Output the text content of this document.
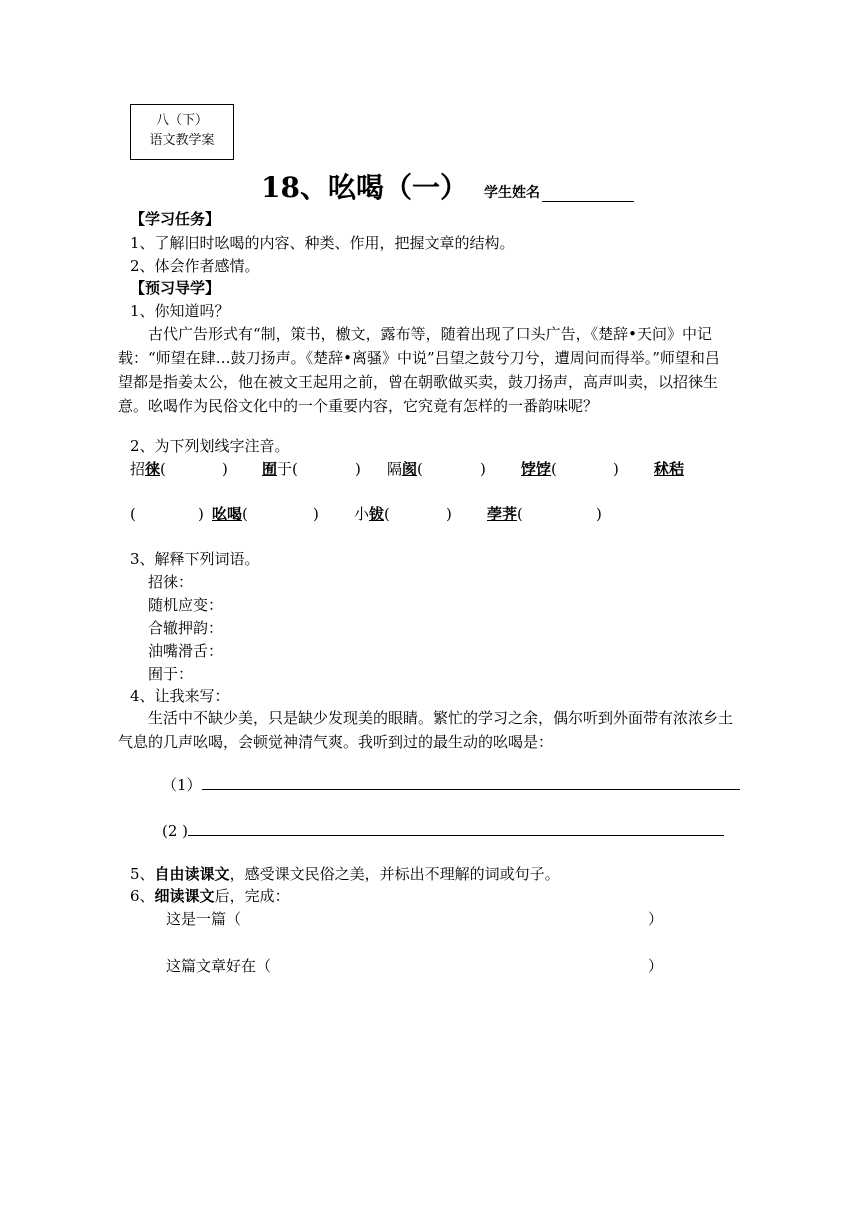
八（下）
语文教学案
18、吆喝（一） 学生姓名
【学习任务】
1、了解旧时吆喝的内容、种类、作用，把握文章的结构。
2、体会作者感情。
【预习导学】
1、你知道吗？
古代广告形式有“制，策书，檄文，露布等，随着出现了口头广告，《楚辞•天问》中记载：“师望在肆…鼓刀扬声。《楚辞•离骚》中说”吕望之鼓兮刀兮，遭周问而得举。”师望和吕望都是指姜太公，他在被文王起用之前，曾在朝歌做买卖，鼓刀扬声，高声叫卖，以招徕生意。吆喝作为民俗文化中的一个重要内容，它究竟有怎样的一番韵味呢？
2、为下列划线字注音。
招徕(	) 囿于(	) 隔阂(	) 饽饽(	) 秫秸
(	) 吆喝(	) 小钹(	) 荸荠(	)
3、解释下列词语。
招徕：
随机应变：
合辙押韵：
油嘴滑舌：
囿于：
4、让我来写：
生活中不缺少美，只是缺少发现美的眼睛。繁忙的学习之余，偶尔听到外面带有浓浓乡土气息的几声吆喝，会顿觉神清气爽。我听到过的最生动的吆喝是：
（1）
(2 )
5、自由读课文，感受课文民俗之美，并标出不理解的词或句子。
6、细读课文后，完成：
这是一篇（	）
这篇文章好在（	）
